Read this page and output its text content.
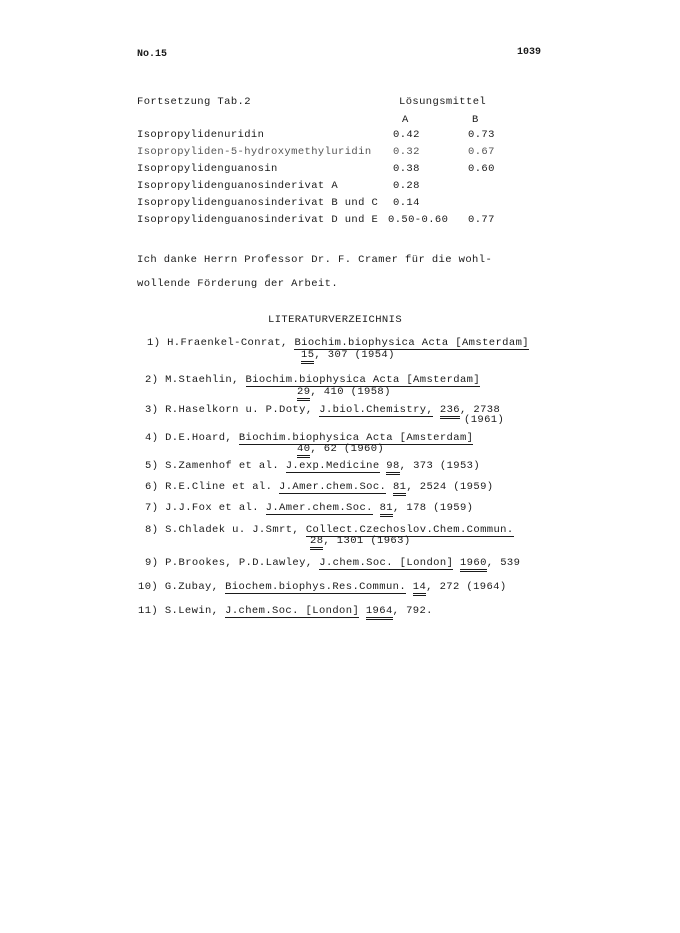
No.15	1039
Fortsetzung Tab.2	Lösungsmittel
A	B
Isopropylidenuridin	0.42	0.73
Isopropyliden-5-hydroxymethyluridin 0.32	0.67
Isopropylidenguanosin	0.38	0.60
Isopropylidenguanosinderivat A	0.28
Isopropylidenguanosinderivat B und C 0.14
Isopropylidenguanosinderivat D und E 0.50-0.60 0.77
Ich danke Herrn Professor Dr. F. Cramer für die wohl-
wollende Förderung der Arbeit.
LITERATURVERZEICHNIS
1) H.Fraenkel-Conrat, Biochim.biophysica Acta [Amsterdam]
15, 307 (1954)
2) M.Staehlin, Biochim.biophysica Acta [Amsterdam]
29, 410 (1958)
3) R.Haselkorn u. P.Doty, J.biol.Chemistry, 236, 2738
(1961)
4) D.E.Hoard, Biochim.biophysica Acta [Amsterdam]
40, 62 (1960)
5) S.Zamenhof et al. J.exp.Medicine 98, 373 (1953)
6) R.E.Cline et al. J.Amer.chem.Soc. 81, 2524 (1959)
7) J.J.Fox et al. J.Amer.chem.Soc. 81, 178 (1959)
8) S.Chladek u. J.Smrt, Collect.Czechoslov.Chem.Commun.
28, 1301 (1963)
9) P.Brookes, P.D.Lawley, J.chem.Soc. [London] 1960, 539
10) G.Zubay, Biochem.biophys.Res.Commun. 14, 272 (1964)
11) S.Lewin, J.chem.Soc. [London] 1964, 792.
